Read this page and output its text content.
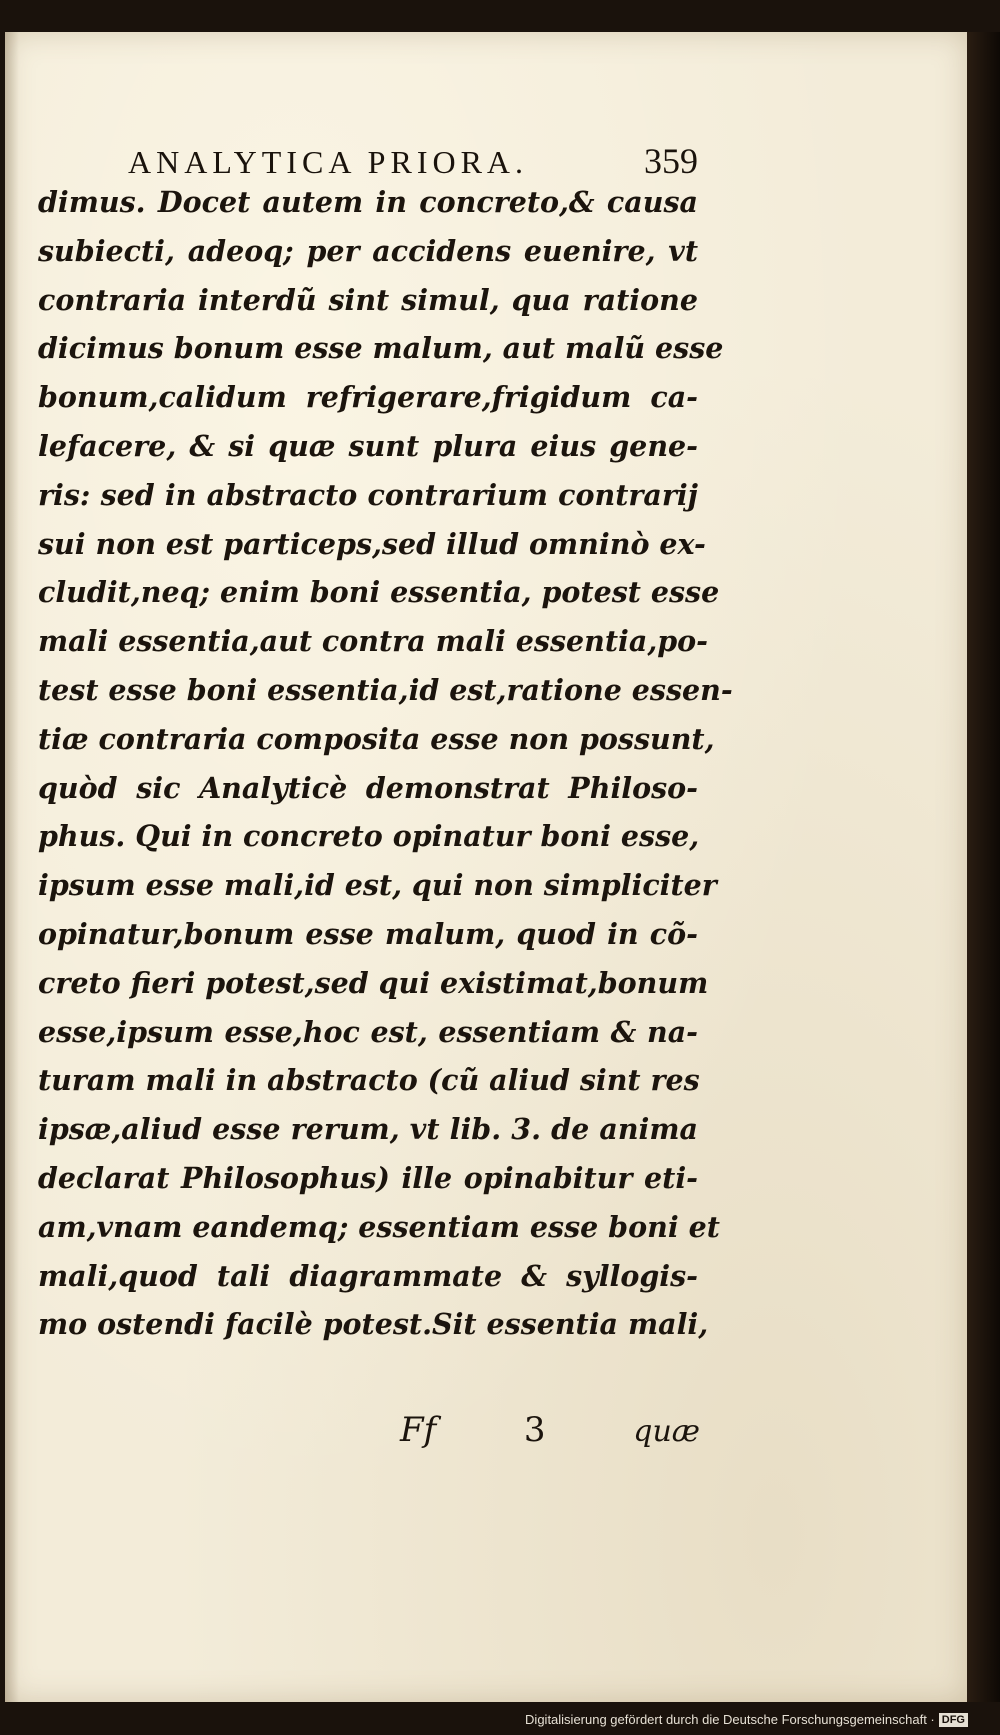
ANALYTICA PRIORA.	359
dimus. Docet autem in concreto,& causa
subiecti, adeoq; per accidens euenire, vt
contraria interdũ sint simul, qua ratione
dicimus bonum esse malum, aut malũ esse
bonum,calidum refrigerare,frigidum ca-
lefacere, & si quæ sunt plura eius gene-
ris: sed in abstracto contrarium contrarij
sui non est particeps,sed illud omninò ex-
cludit,neq; enim boni essentia, potest esse
mali essentia,aut contra mali essentia,po-
test esse boni essentia,id est,ratione essen-
tiæ contraria composita esse non possunt,
quòd sic Analyticè demonstrat Philoso-
phus. Qui in concreto opinatur boni esse,
ipsum esse mali,id est, qui non simpliciter
opinatur,bonum esse malum, quod in cõ-
creto fieri potest,sed qui existimat,bonum
esse,ipsum esse,hoc est, essentiam & na-
turam mali in abstracto (cũ aliud sint res
ipsæ,aliud esse rerum, vt lib. 3. de anima
declarat Philosophus) ille opinabitur eti-
am,vnam eandemq; essentiam esse boni et
mali,quod tali diagrammate & syllogis-
mo ostendi facilè potest.Sit essentia mali,
Ff	3	quæ
Digitalisierung gefördert durch die Deutsche Forschungsgemeinschaft · DFG
